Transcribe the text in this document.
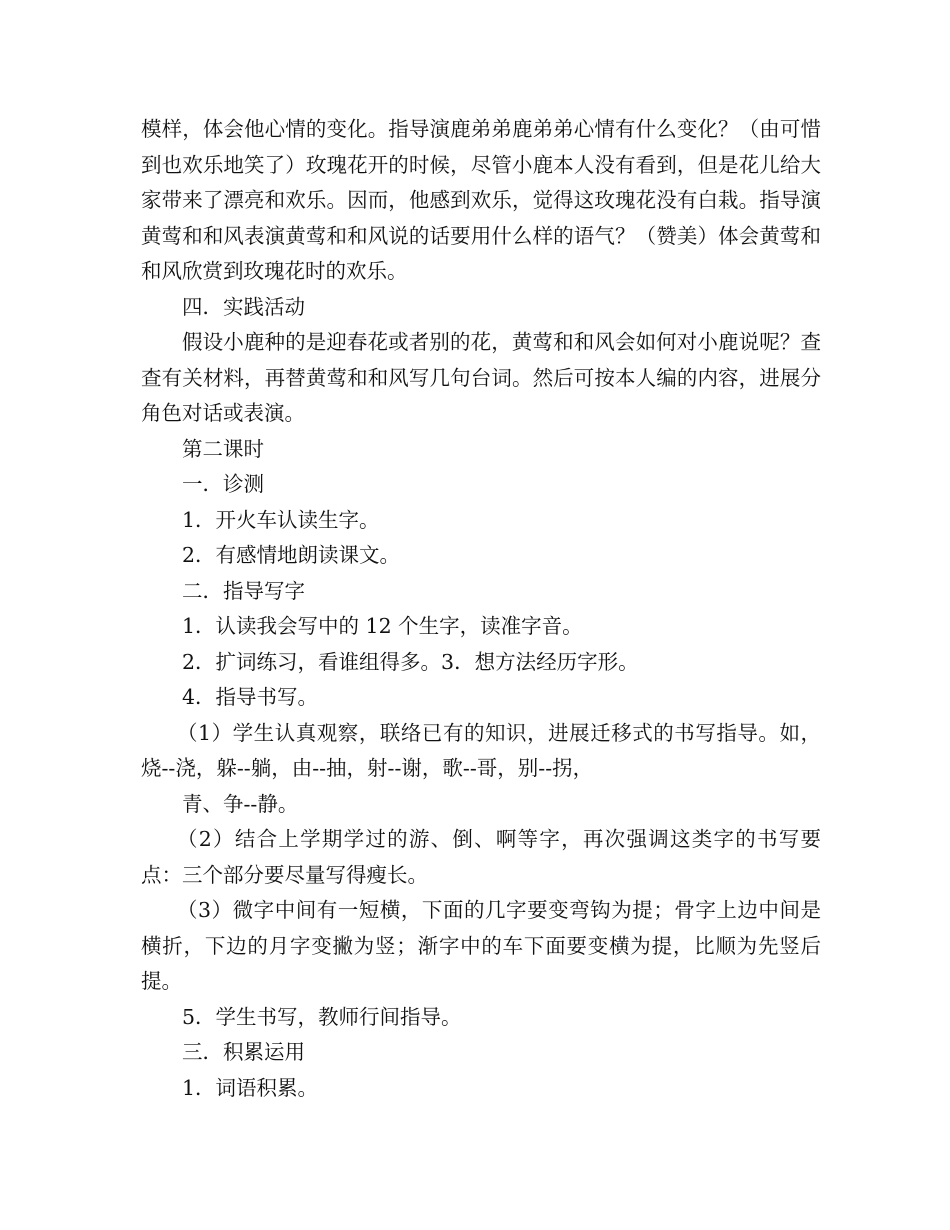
模样，体会他心情的变化。指导演鹿弟弟鹿弟弟心情有什么变化？（由可惜到也欢乐地笑了）玫瑰花开的时候，尽管小鹿本人没有看到，但是花儿给大家带来了漂亮和欢乐。因而，他感到欢乐，觉得这玫瑰花没有白栽。指导演黄莺和和风表演黄莺和和风说的话要用什么样的语气？（赞美）体会黄莺和和风欣赏到玫瑰花时的欢乐。

四．实践活动

假设小鹿种的是迎春花或者别的花，黄莺和和风会如何对小鹿说呢？查查有关材料，再替黄莺和和风写几句台词。然后可按本人编的内容，进展分角色对话或表演。

第二课时

一．诊测

1．开火车认读生字。

2．有感情地朗读课文。

二．指导写字

1．认读我会写中的 12 个生字，读准字音。

2．扩词练习，看谁组得多。3．想方法经历字形。

4．指导书写。

（1）学生认真观察，联络已有的知识，进展迁移式的书写指导。如，烧--浇，躲--躺，由--抽，射--谢，歌--哥，别--拐，

青、争--静。

（2）结合上学期学过的游、倒、啊等字，再次强调这类字的书写要点：三个部分要尽量写得瘦长。

（3）微字中间有一短横，下面的几字要变弯钩为提；骨字上边中间是横折，下边的月字变撇为竖；渐字中的车下面要变横为提，比顺为先竖后提。

5．学生书写，教师行间指导。

三．积累运用

1．词语积累。
